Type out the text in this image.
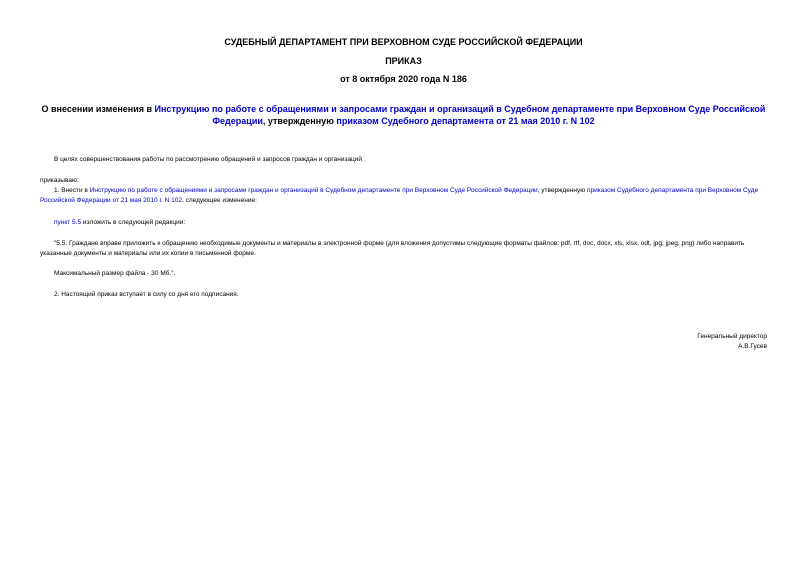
СУДЕБНЫЙ ДЕПАРТАМЕНТ ПРИ ВЕРХОВНОМ СУДЕ РОССИЙСКОЙ ФЕДЕРАЦИИ
ПРИКАЗ
от 8 октября 2020 года N 186
О внесении изменения в Инструкцию по работе с обращениями и запросами граждан и организаций в Судебном департаменте при Верховном Суде Российской Федерации, утвержденную приказом Судебного департамента от 21 мая 2010 г. N 102
В целях совершенствования работы по рассмотрению обращений и запросов граждан и организаций
приказываю:
1. Внести в Инструкцию по работе с обращениями и запросами граждан и организаций в Судебном департаменте при Верховном Суде Российской Федерации, утвержденную приказом Судебного департамента при Верховном Суде Российской Федерации от 21 мая 2010 г. N 102, следующее изменение:
пункт 5.5 изложить в следующей редакции:
"5.5. Граждане вправе приложить к обращению необходимые документы и материалы в электронной форме (для вложения допустимы следующие форматы файлов: pdf, rtf, doc, docx, xls, xlsx, odt, jpg, jpeg, png) либо направить указанные документы и материалы или их копии в письменной форме.
Максимальный размер файла - 30 Мб.".
2. Настоящий приказ вступает в силу со дня его подписания.
Генеральный директор
А.В.Гусев
